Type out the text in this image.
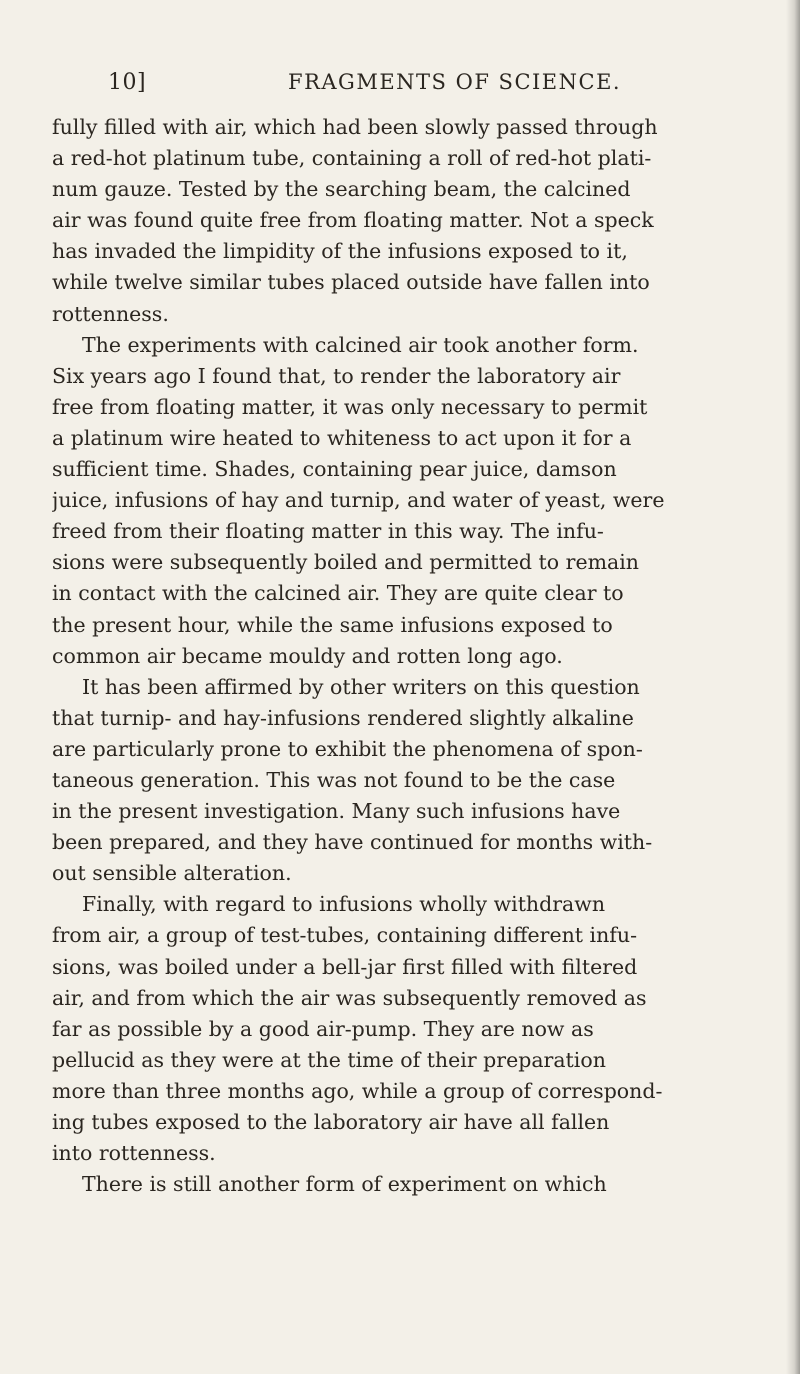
10]	FRAGMENTS OF SCIENCE.
fully filled with air, which had been slowly passed through
a red-hot platinum tube, containing a roll of red-hot plati-
num gauze. Tested by the searching beam, the calcined
air was found quite free from floating matter. Not a speck
has invaded the limpidity of the infusions exposed to it,
while twelve similar tubes placed outside have fallen into
rottenness.
The experiments with calcined air took another form.
Six years ago I found that, to render the laboratory air
free from floating matter, it was only necessary to permit
a platinum wire heated to whiteness to act upon it for a
sufficient time. Shades, containing pear juice, damson
juice, infusions of hay and turnip, and water of yeast, were
freed from their floating matter in this way. The infu-
sions were subsequently boiled and permitted to remain
in contact with the calcined air. They are quite clear to
the present hour, while the same infusions exposed to
common air became mouldy and rotten long ago.
It has been affirmed by other writers on this question
that turnip- and hay-infusions rendered slightly alkaline
are particularly prone to exhibit the phenomena of spon-
taneous generation. This was not found to be the case
in the present investigation. Many such infusions have
been prepared, and they have continued for months with-
out sensible alteration.
Finally, with regard to infusions wholly withdrawn
from air, a group of test-tubes, containing different infu-
sions, was boiled under a bell-jar first filled with filtered
air, and from which the air was subsequently removed as
far as possible by a good air-pump. They are now as
pellucid as they were at the time of their preparation
more than three months ago, while a group of correspond-
ing tubes exposed to the laboratory air have all fallen
into rottenness.
There is still another form of experiment on which
